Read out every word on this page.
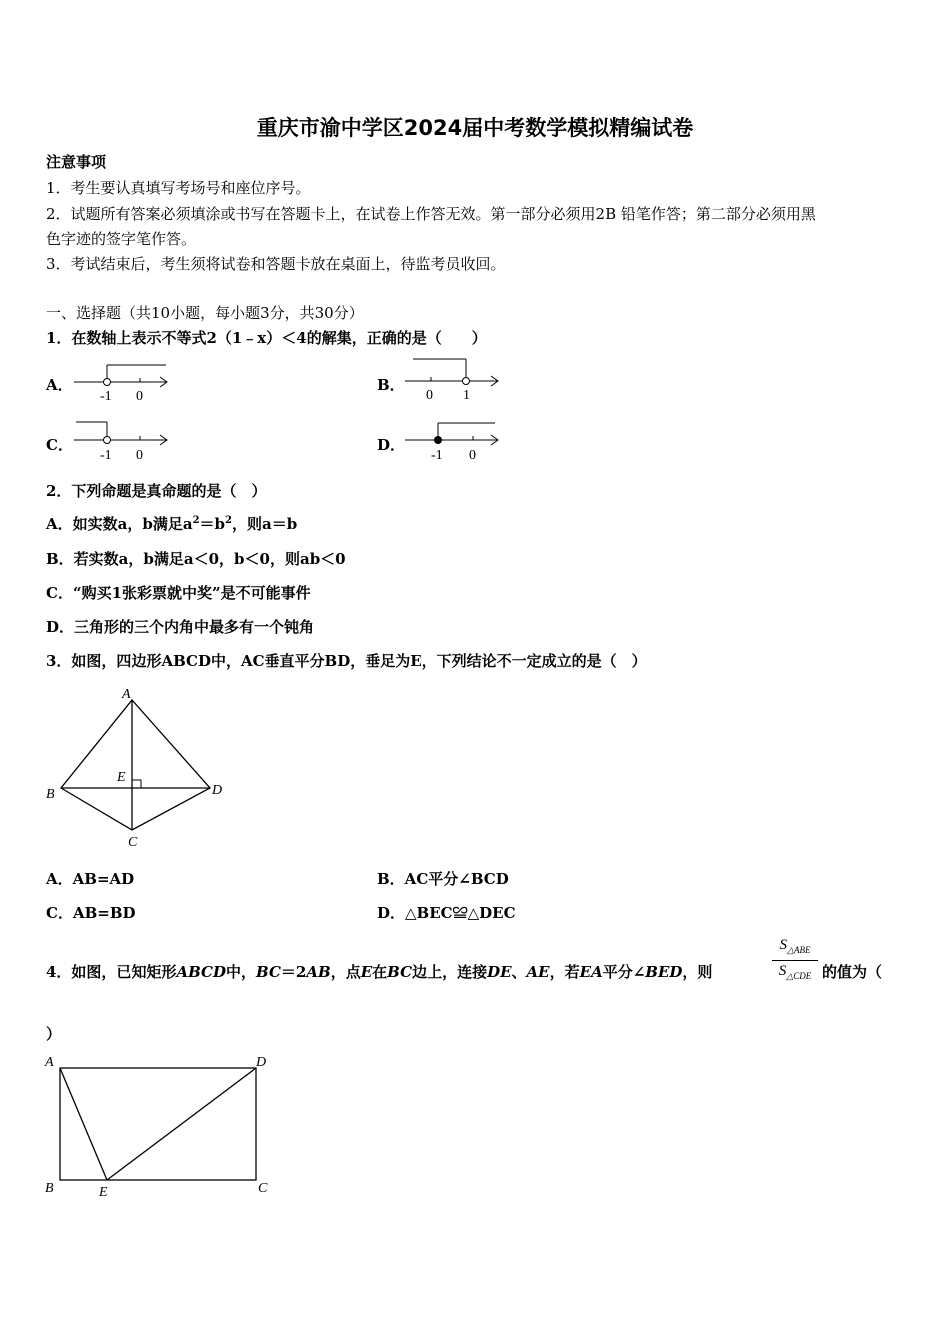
重庆市渝中学区2024届中考数学模拟精编试卷
注意事项
1．考生要认真填写考场号和座位序号。
2．试题所有答案必须填涂或书写在答题卡上，在试卷上作答无效。第一部分必须用2B 铅笔作答；第二部分必须用黑
色字迹的签字笔作答。
3．考试结束后，考生须将试卷和答题卡放在桌面上，待监考员收回。
一、选择题（共10小题，每小题3分，共30分）
1．在数轴上表示不等式2（1﹣x）＜4的解集，正确的是（　　）
A．
-1 0
B．
0 1
C．
-1 0
D．
-1 0
2．下列命题是真命题的是（　）
A．如实数a，b满足$a^2=b^2$，则a＝b
B．若实数a，b满足a＜0，b＜0，则ab＜0
C．“购买1张彩票就中奖”是不可能事件
D．三角形的三个内角中最多有一个钝角
3．如图，四边形ABCD中，AC垂直平分BD，垂足为E，下列结论不一定成立的是（　）
A
B
C
D
E
A．AB=AD	B．AC平分∠BCD
C．AB=BD	D．△BEC≌△DEC
4．如图，已知矩形ABCD中，BC＝2AB，点E在BC边上，连接DE、AE，若EA平分∠BED，则
$S_{\triangle ABE}$
$S_{\triangle CDE}$ 的值为（
）
A	D
B	E	C
